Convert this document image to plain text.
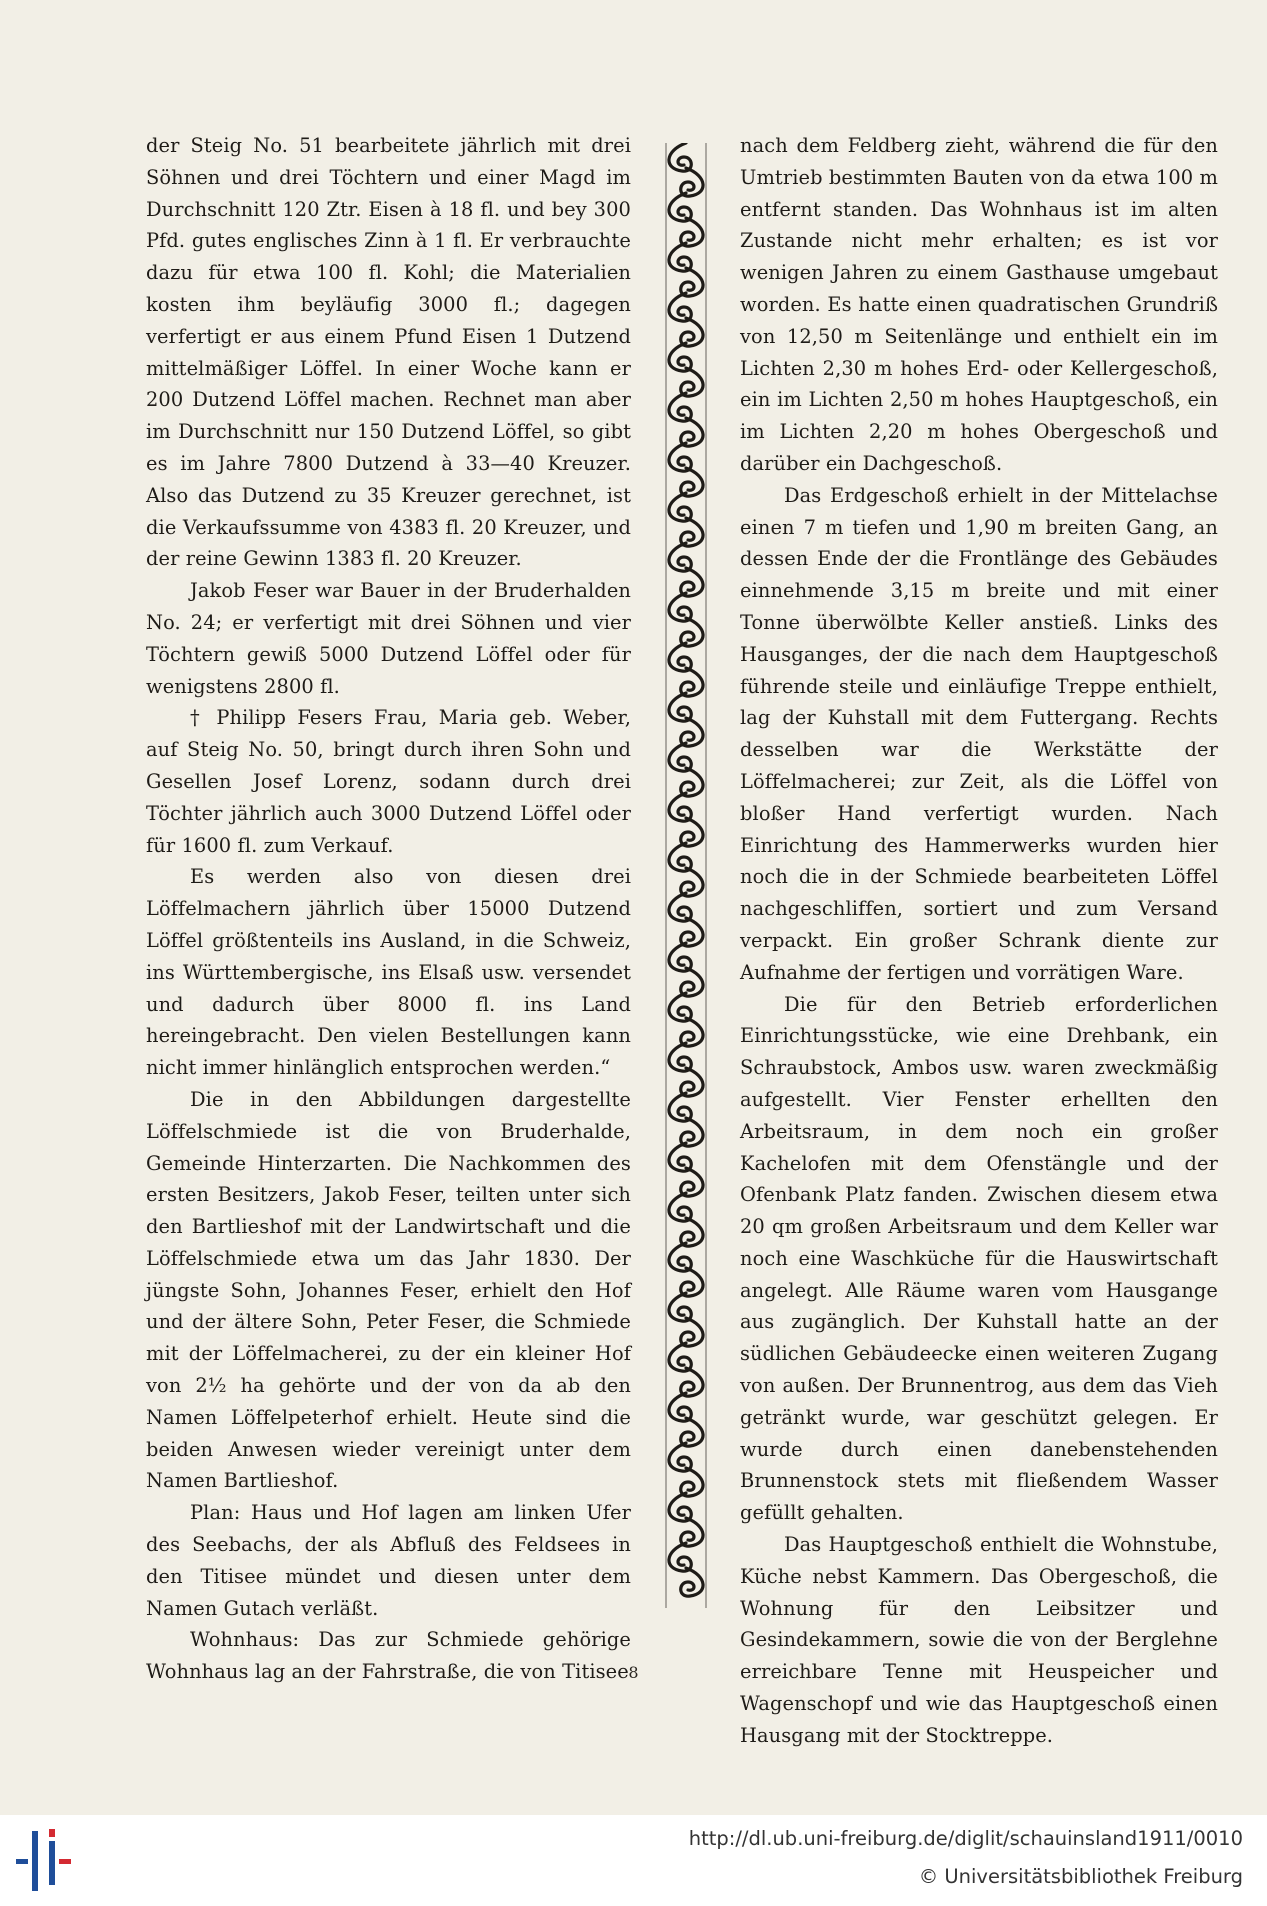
der Steig No. 51 bearbeitete jährlich mit drei Söhnen und drei Töchtern und einer Magd im Durchschnitt 120 Ztr. Eisen à 18 fl. und bey 300 Pfd. gutes englisches Zinn à 1 fl. Er verbrauchte dazu für etwa 100 fl. Kohl; die Materialien kosten ihm beyläufig 3000 fl.; dagegen verfertigt er aus einem Pfund Eisen 1 Dutzend mittelmäßiger Löffel. In einer Woche kann er 200 Dutzend Löffel machen. Rechnet man aber im Durchschnitt nur 150 Dutzend Löffel, so gibt es im Jahre 7800 Dutzend à 33—40 Kreuzer. Also das Dutzend zu 35 Kreuzer gerechnet, ist die Verkaufssumme von 4383 fl. 20 Kreuzer, und der reine Gewinn 1383 fl. 20 Kreuzer.

Jakob Feser war Bauer in der Bruderhalden No. 24; er verfertigt mit drei Söhnen und vier Töchtern gewiß 5000 Dutzend Löffel oder für wenigstens 2800 fl.

† Philipp Fesers Frau, Maria geb. Weber, auf Steig No. 50, bringt durch ihren Sohn und Gesellen Josef Lorenz, sodann durch drei Töchter jährlich auch 3000 Dutzend Löffel oder für 1600 fl. zum Verkauf.

Es werden also von diesen drei Löffelmachern jährlich über 15000 Dutzend Löffel größtenteils ins Ausland, in die Schweiz, ins Württembergische, ins Elsaß usw. versendet und dadurch über 8000 fl. ins Land hereingebracht. Den vielen Bestellungen kann nicht immer hinlänglich entsprochen werden.“

Die in den Abbildungen dargestellte Löffelschmiede ist die von Bruderhalde, Gemeinde Hinterzarten. Die Nachkommen des ersten Besitzers, Jakob Feser, teilten unter sich den Bartlieshof mit der Landwirtschaft und die Löffelschmiede etwa um das Jahr 1830. Der jüngste Sohn, Johannes Feser, erhielt den Hof und der ältere Sohn, Peter Feser, die Schmiede mit der Löffelmacherei, zu der ein kleiner Hof von 2½ ha gehörte und der von da ab den Namen Löffelpeterhof erhielt. Heute sind die beiden Anwesen wieder vereinigt unter dem Namen Bartlieshof.

Plan: Haus und Hof lagen am linken Ufer des Seebachs, der als Abfluß des Feldsees in den Titisee mündet und diesen unter dem Namen Gutach verläßt.

Wohnhaus: Das zur Schmiede gehörige Wohnhaus lag an der Fahrstraße, die von Titisee

nach dem Feldberg zieht, während die für den Umtrieb bestimmten Bauten von da etwa 100 m entfernt standen. Das Wohnhaus ist im alten Zustande nicht mehr erhalten; es ist vor wenigen Jahren zu einem Gasthause umgebaut worden. Es hatte einen quadratischen Grundriß von 12,50 m Seitenlänge und enthielt ein im Lichten 2,30 m hohes Erd- oder Kellergeschoß, ein im Lichten 2,50 m hohes Hauptgeschoß, ein im Lichten 2,20 m hohes Obergeschoß und darüber ein Dachgeschoß.

Das Erdgeschoß erhielt in der Mittelachse einen 7 m tiefen und 1,90 m breiten Gang, an dessen Ende der die Frontlänge des Gebäudes einnehmende 3,15 m breite und mit einer Tonne überwölbte Keller anstieß. Links des Hausganges, der die nach dem Hauptgeschoß führende steile und einläufige Treppe enthielt, lag der Kuhstall mit dem Futtergang. Rechts desselben war die Werkstätte der Löffelmacherei; zur Zeit, als die Löffel von bloßer Hand verfertigt wurden. Nach Einrichtung des Hammerwerks wurden hier noch die in der Schmiede bearbeiteten Löffel nachgeschliffen, sortiert und zum Versand verpackt. Ein großer Schrank diente zur Aufnahme der fertigen und vorrätigen Ware.

Die für den Betrieb erforderlichen Einrichtungsstücke, wie eine Drehbank, ein Schraubstock, Ambos usw. waren zweckmäßig aufgestellt. Vier Fenster erhellten den Arbeitsraum, in dem noch ein großer Kachelofen mit dem Ofenstängle und der Ofenbank Platz fanden. Zwischen diesem etwa 20 qm großen Arbeitsraum und dem Keller war noch eine Waschküche für die Hauswirtschaft angelegt. Alle Räume waren vom Hausgange aus zugänglich. Der Kuhstall hatte an der südlichen Gebäudeecke einen weiteren Zugang von außen. Der Brunnentrog, aus dem das Vieh getränkt wurde, war geschützt gelegen. Er wurde durch einen danebenstehenden Brunnenstock stets mit fließendem Wasser gefüllt gehalten.

Das Hauptgeschoß enthielt die Wohnstube, Küche nebst Kammern. Das Obergeschoß, die Wohnung für den Leibsitzer und Gesindekammern, sowie die von der Berglehne erreichbare Tenne mit Heuspeicher und Wagenschopf und wie das Hauptgeschoß einen Hausgang mit der Stocktreppe.

8
http://dl.ub.uni-freiburg.de/diglit/schauinsland1911/0010
© Universitätsbibliothek Freiburg
